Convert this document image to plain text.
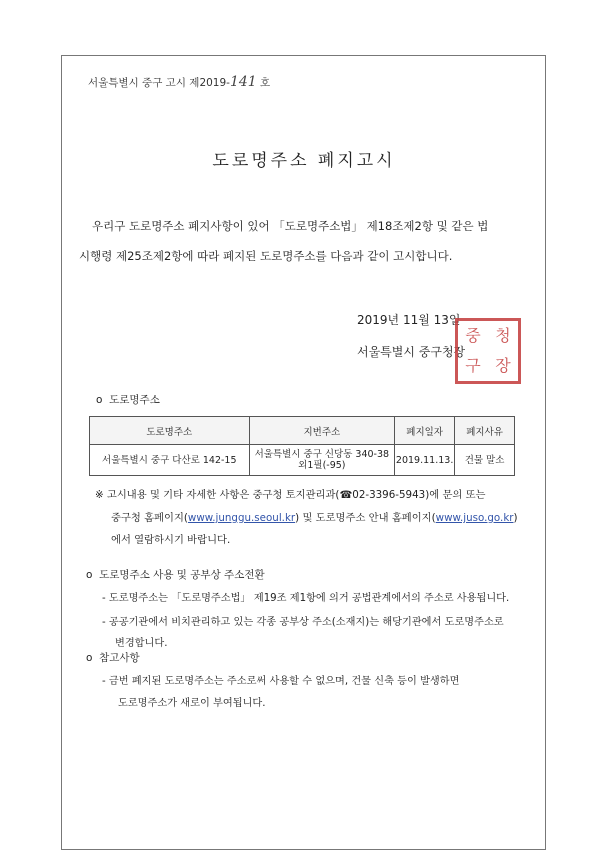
서울특별시 중구 고시 제2019-141 호
도로명주소 폐지고시
우리구 도로명주소 폐지사항이 있어 「도로명주소법」 제18조제2항 및 같은 법
시행령 제25조제2항에 따라 폐지된 도로명주소를 다음과 같이 고시합니다.
2019년 11월 13일
서울특별시 중구청장
중 청
구 장
o 도로명주소
도로명주소	지번주소	폐지일자	폐지사유
서울특별시 중구 다산로 142-15	서울특별시 중구 신당동 340-38
외1필(-95)	2019.11.13.	건물 말소
※ 고시내용 및 기타 자세한 사항은 중구청 토지관리과(☎02-3396-5943)에 문의 또는
중구청 홈페이지(www.junggu.seoul.kr) 및 도로명주소 안내 홈페이지(www.juso.go.kr)
에서 열람하시기 바랍니다.
o 도로명주소 사용 및 공부상 주소전환
- 도로명주소는 「도로명주소법」 제19조 제1항에 의거 공법관계에서의 주소로 사용됩니다.
- 공공기관에서 비치관리하고 있는 각종 공부상 주소(소재지)는 해당기관에서 도로명주소로
변경합니다.
o 참고사항
- 금번 폐지된 도로명주소는 주소로써 사용할 수 없으며, 건물 신축 등이 발생하면
도로명주소가 새로이 부여됩니다.
